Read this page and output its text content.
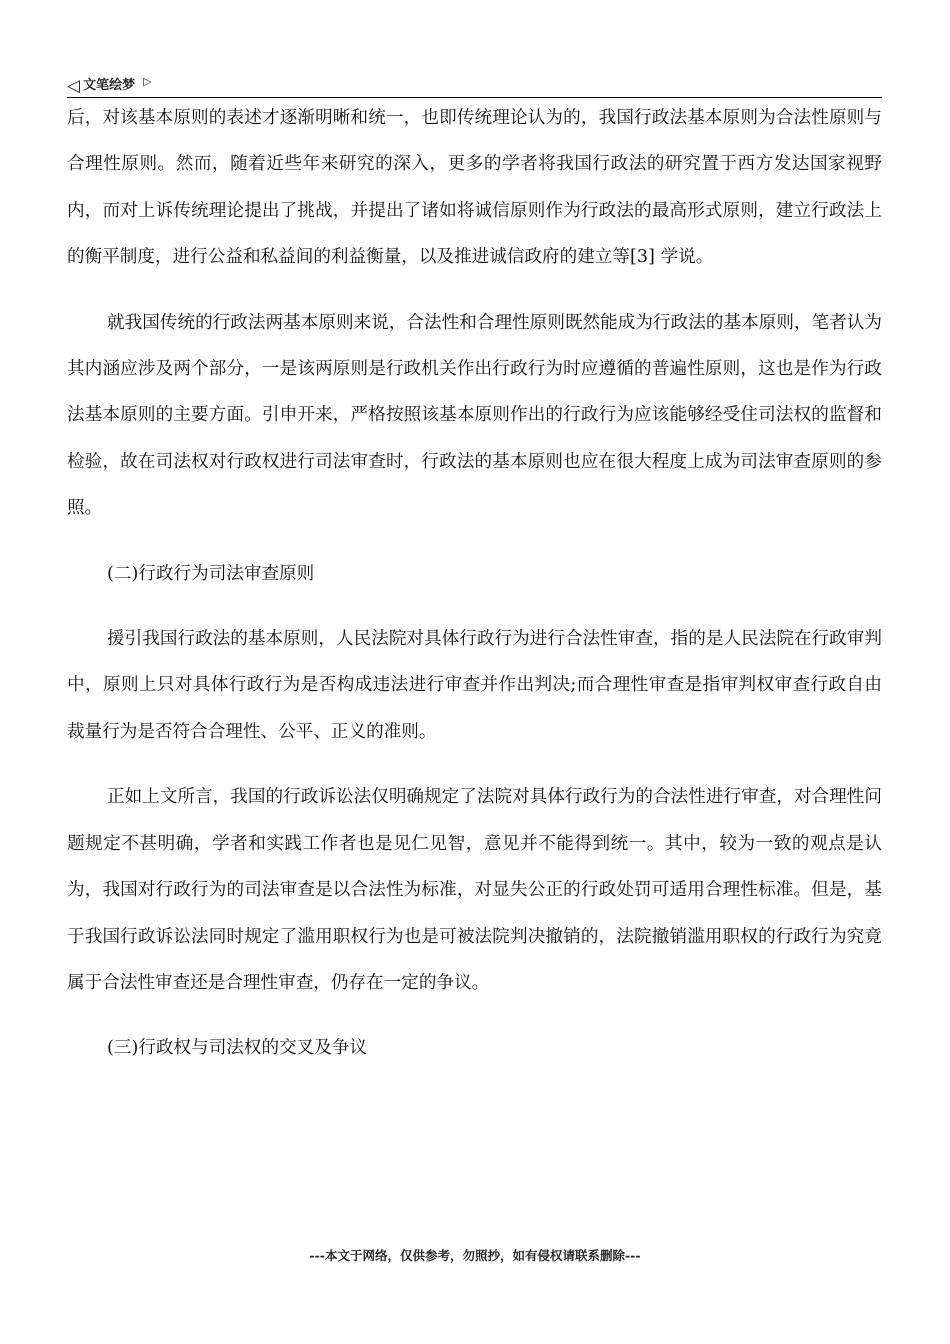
◁ 文笔绘梦 ▷

后，对该基本原则的表述才逐渐明晰和统一，也即传统理论认为的，我国行政法基本原则为合法性原则与合理性原则。然而，随着近些年来研究的深入，更多的学者将我国行政法的研究置于西方发达国家视野内，而对上诉传统理论提出了挑战，并提出了诸如将诚信原则作为行政法的最高形式原则，建立行政法上的衡平制度，进行公益和私益间的利益衡量，以及推进诚信政府的建立等[3] 学说。

就我国传统的行政法两基本原则来说，合法性和合理性原则既然能成为行政法的基本原则，笔者认为其内涵应涉及两个部分，一是该两原则是行政机关作出行政行为时应遵循的普遍性原则，这也是作为行政法基本原则的主要方面。引申开来，严格按照该基本原则作出的行政行为应该能够经受住司法权的监督和检验，故在司法权对行政权进行司法审查时，行政法的基本原则也应在很大程度上成为司法审查原则的参照。

(二)行政行为司法审查原则

援引我国行政法的基本原则，人民法院对具体行政行为进行合法性审查，指的是人民法院在行政审判中，原则上只对具体行政行为是否构成违法进行审查并作出判决;而合理性审查是指审判权审查行政自由裁量行为是否符合合理性、公平、正义的准则。

正如上文所言，我国的行政诉讼法仅明确规定了法院对具体行政行为的合法性进行审查，对合理性问题规定不甚明确，学者和实践工作者也是见仁见智，意见并不能得到统一。其中，较为一致的观点是认为，我国对行政行为的司法审查是以合法性为标准，对显失公正的行政处罚可适用合理性标准。但是，基于我国行政诉讼法同时规定了滥用职权行为也是可被法院判决撤销的，法院撤销滥用职权的行政行为究竟属于合法性审查还是合理性审查，仍存在一定的争议。

(三)行政权与司法权的交叉及争议

---本文于网络，仅供参考，勿照抄，如有侵权请联系删除---
